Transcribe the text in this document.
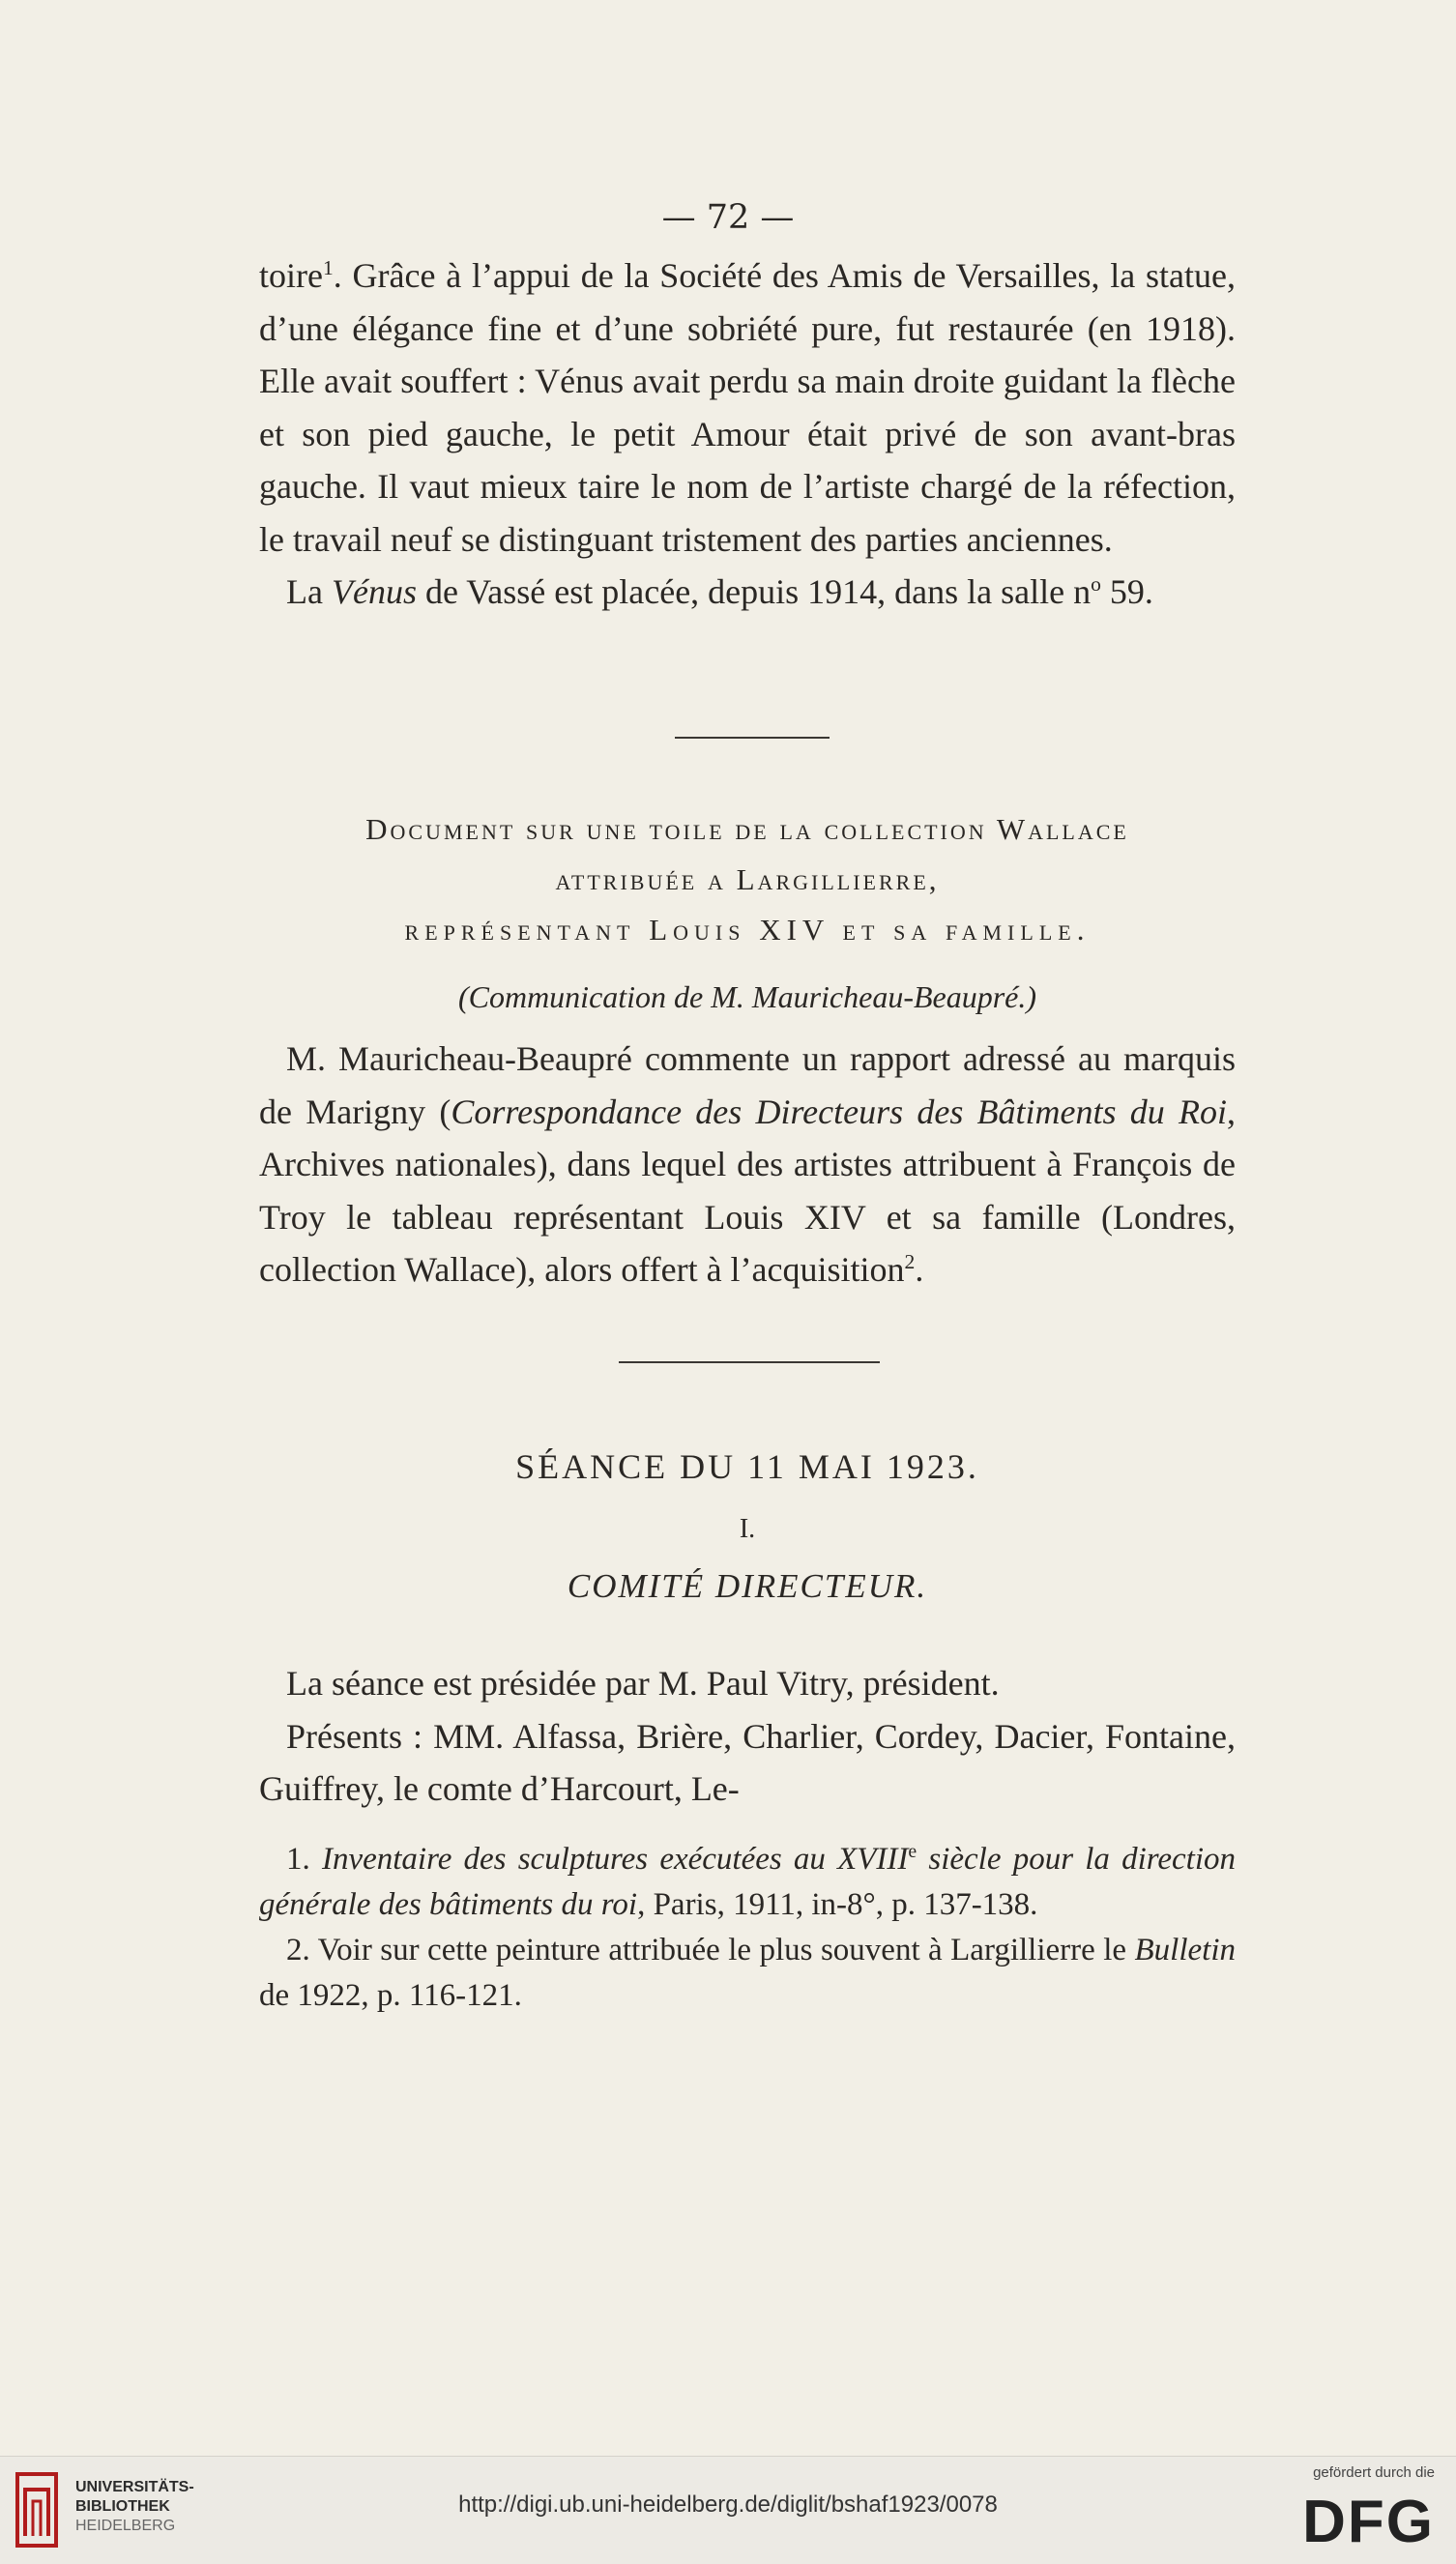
— 72 —

toire$^1$. Grâce à l’appui de la Société des Amis de Versailles, la statue, d’une élégance fine et d’une sobriété pure, fut restaurée (en 1918). Elle avait souffert : Vénus avait perdu sa main droite guidant la flèche et son pied gauche, le petit Amour était privé de son avant-bras gauche. Il vaut mieux taire le nom de l’artiste chargé de la réfection, le travail neuf se distinguant tristement des parties anciennes.

La Vénus de Vassé est placée, depuis 1914, dans la salle $n^o$ 59.

Document sur une toile de la collection Wallace
attribuée a Largillierre,
représentant Louis XIV et sa famille.
(Communication de M. Mauricheau-Beaupré.)

M. Mauricheau-Beaupré commente un rapport adressé au marquis de Marigny (Correspondance des Directeurs des Bâtiments du Roi, Archives nationales), dans lequel des artistes attribuent à François de Troy le tableau représentant Louis XIV et sa famille (Londres, collection Wallace), alors offert à l’acquisition$^2$.

SÉANCE DU 11 MAI 1923.
I.
COMITÉ DIRECTEUR.

La séance est présidée par M. Paul Vitry, président.

Présents : MM. Alfassa, Brière, Charlier, Cordey, Dacier, Fontaine, Guiffrey, le comte d’Harcourt, Le-

1. Inventaire des sculptures exécutées au XVIIIe siècle pour la direction générale des bâtiments du roi, Paris, 1911, in-8°, p. 137-138.

2. Voir sur cette peinture attribuée le plus souvent à Largillierre le Bulletin de 1922, p. 116-121.

UNIVERSITÄTS-
BIBLIOTHEK
HEIDELBERG
http://digi.ub.uni-heidelberg.de/diglit/bshaf1923/0078
gefördert durch die
DFG
